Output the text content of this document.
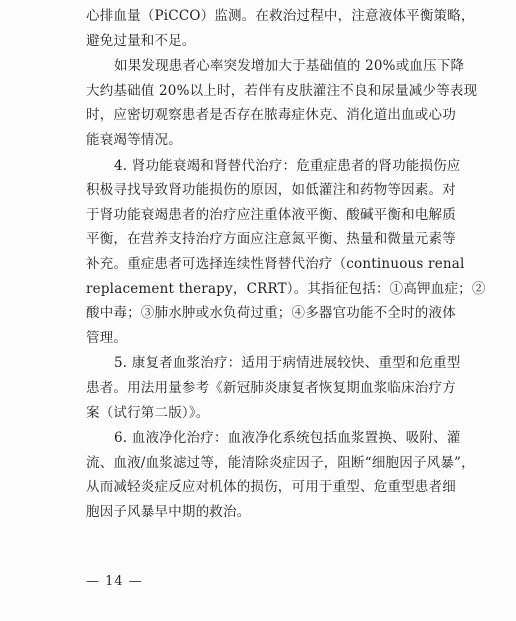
心排血量（PiCCO）监测。在救治过程中，注意液体平衡策略，
避免过量和不足。

如果发现患者心率突发增加大于基础值的 20%或血压下降
大约基础值 20%以上时，若伴有皮肤灌注不良和尿量减少等表现
时，应密切观察患者是否存在脓毒症休克、消化道出血或心功
能衰竭等情况。

4. 肾功能衰竭和肾替代治疗：危重症患者的肾功能损伤应
积极寻找导致肾功能损伤的原因，如低灌注和药物等因素。对
于肾功能衰竭患者的治疗应注重体液平衡、酸碱平衡和电解质
平衡，在营养支持治疗方面应注意氮平衡、热量和微量元素等
补充。重症患者可选择连续性肾替代治疗（continuous renal
replacement therapy，CRRT）。其指征包括：①高钾血症；②
酸中毒；③肺水肿或水负荷过重；④多器官功能不全时的液体
管理。

5. 康复者血浆治疗：适用于病情进展较快、重型和危重型
患者。用法用量参考《新冠肺炎康复者恢复期血浆临床治疗方
案（试行第二版）》。

6. 血液净化治疗：血液净化系统包括血浆置换、吸附、灌
流、血液/血浆滤过等，能清除炎症因子，阻断“细胞因子风暴”，
从而减轻炎症反应对机体的损伤，可用于重型、危重型患者细
胞因子风暴早中期的救治。

— 14 —
